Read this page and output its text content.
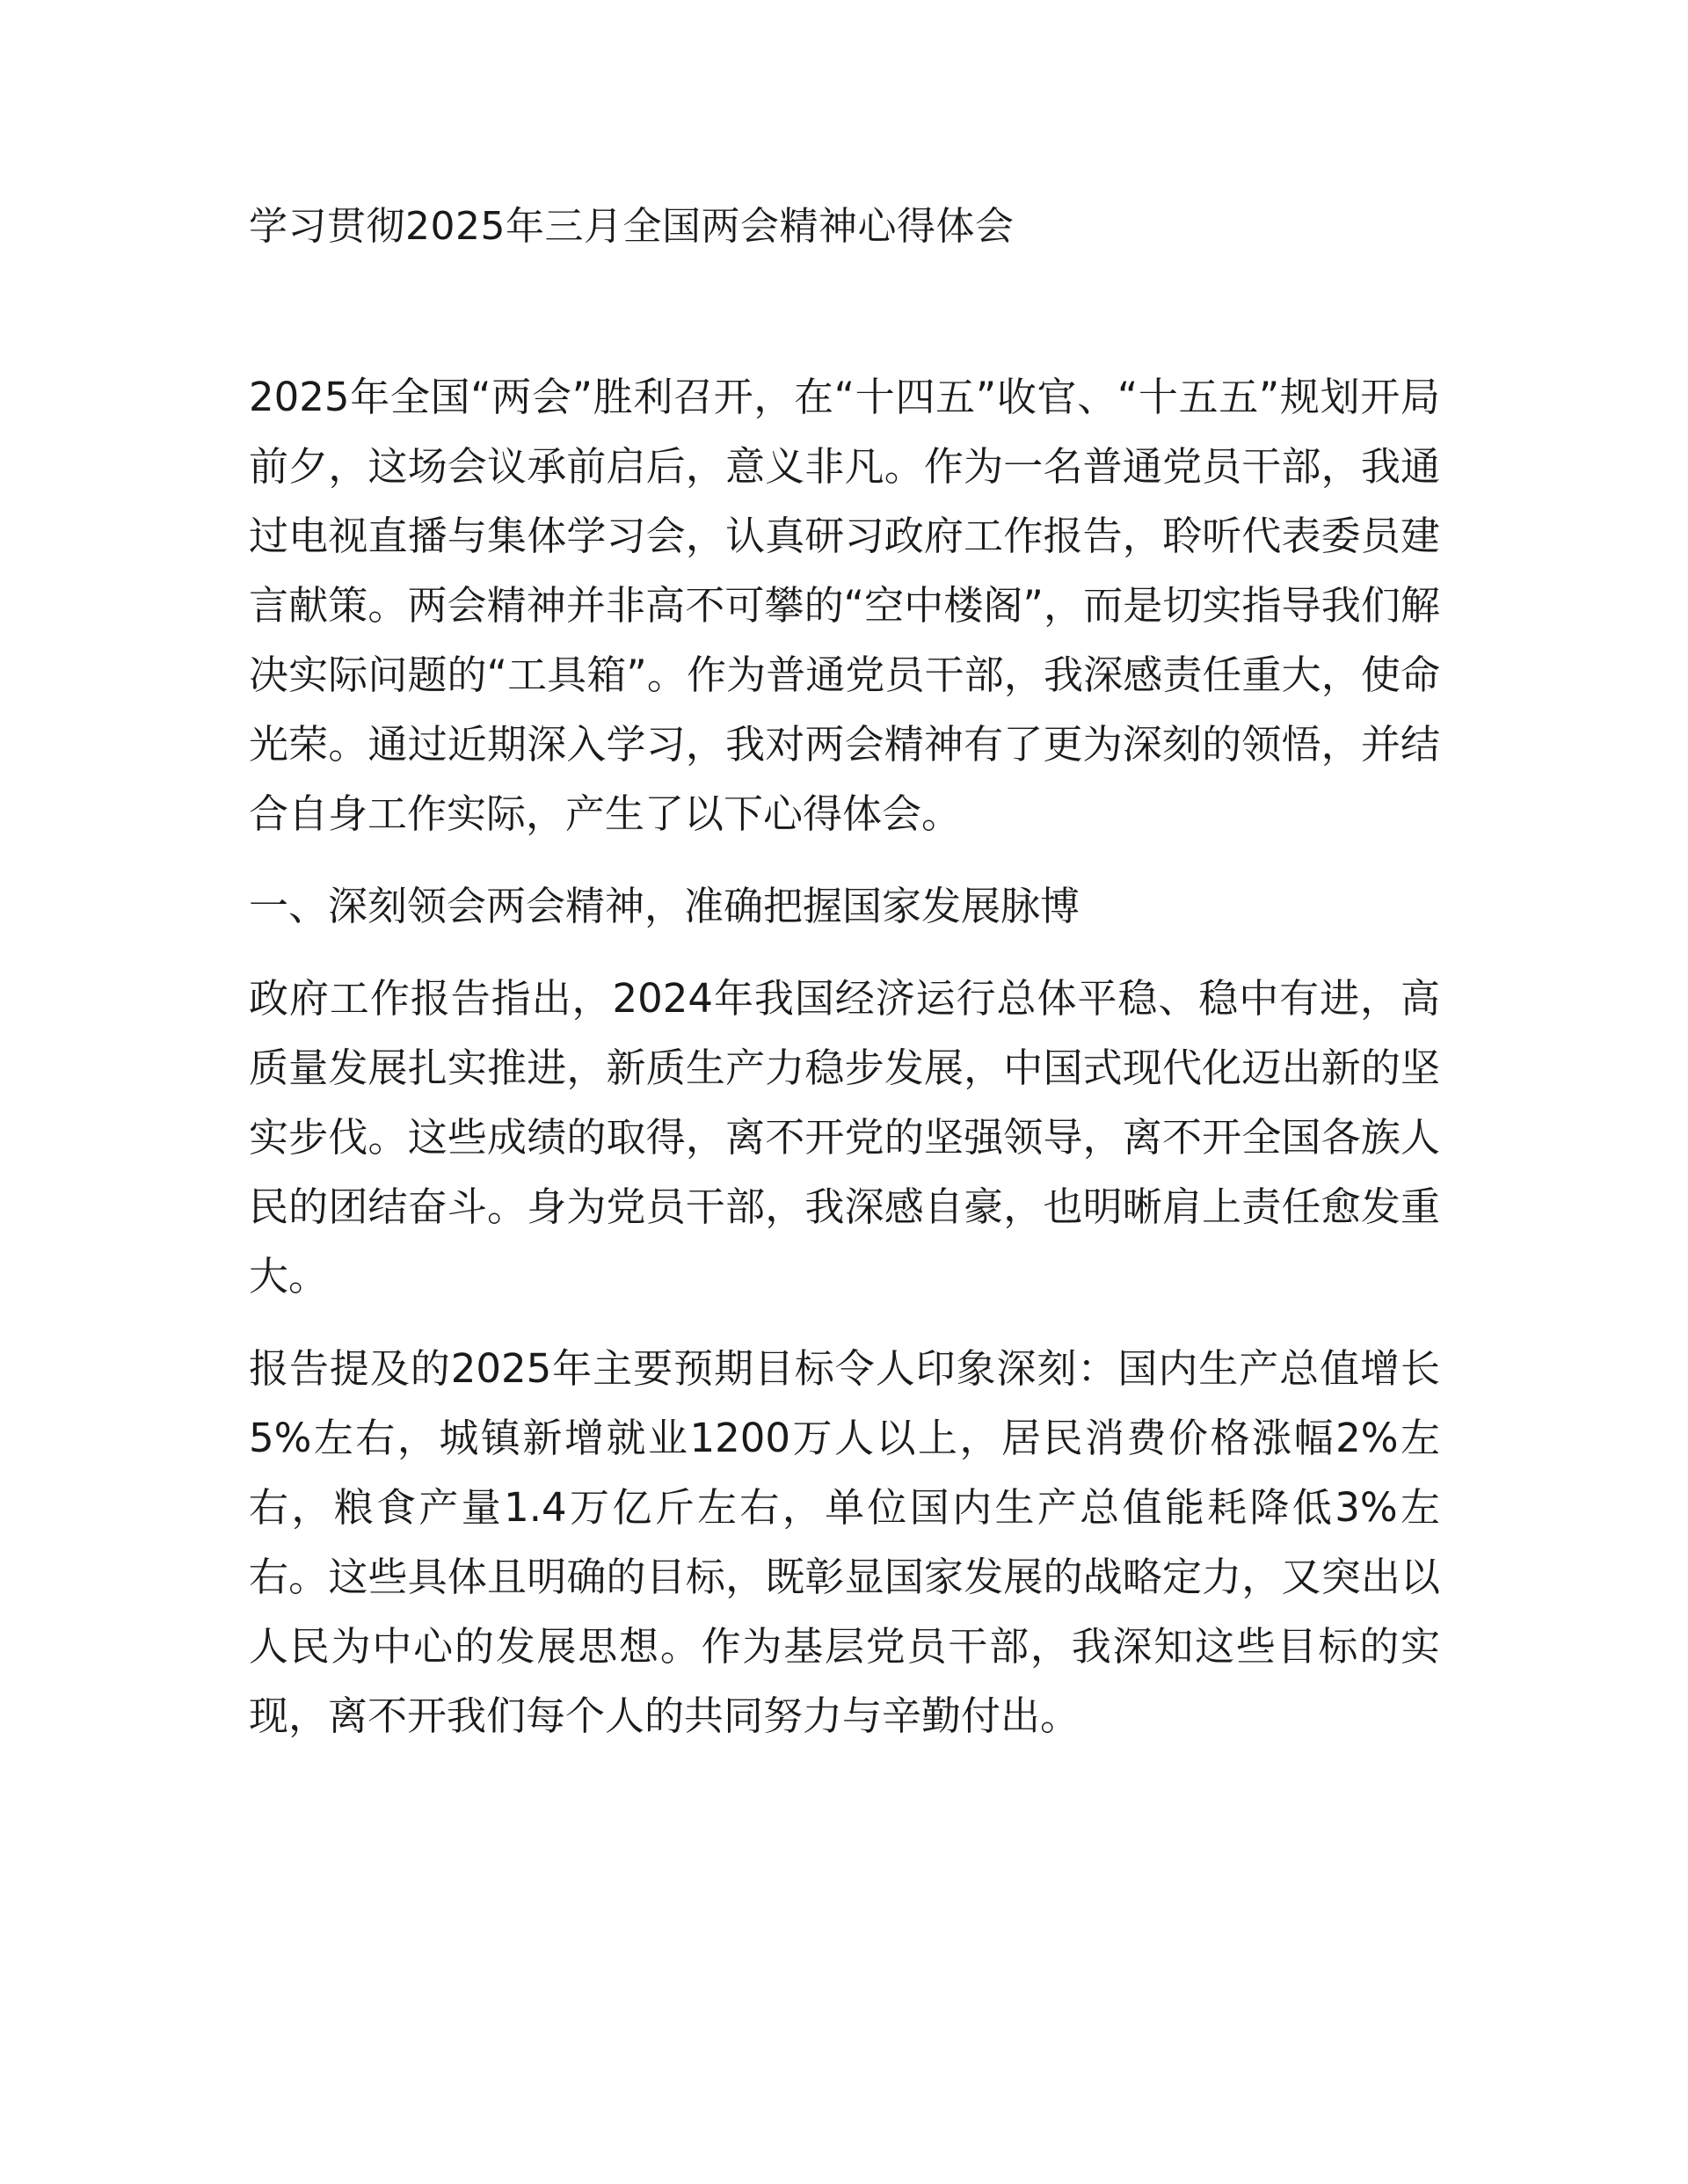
学习贯彻2025年三月全国两会精神心得体会

2025年全国“两会”胜利召开，在“十四五”收官、“十五五”规划开局前夕，这场会议承前启后，意义非凡。作为一名普通党员干部，我通过电视直播与集体学习会，认真研习政府工作报告，聆听代表委员建言献策。两会精神并非高不可攀的“空中楼阁”，而是切实指导我们解决实际问题的“工具箱”。作为普通党员干部，我深感责任重大，使命光荣。通过近期深入学习，我对两会精神有了更为深刻的领悟，并结合自身工作实际，产生了以下心得体会。

一、深刻领会两会精神，准确把握国家发展脉博

政府工作报告指出，2024年我国经济运行总体平稳、稳中有进，高质量发展扎实推进，新质生产力稳步发展，中国式现代化迈出新的坚实步伐。这些成绩的取得，离不开党的坚强领导，离不开全国各族人民的团结奋斗。身为党员干部，我深感自豪，也明晰肩上责任愈发重大。

报告提及的2025年主要预期目标令人印象深刻：国内生产总值增长5%左右，城镇新增就业1200万人以上，居民消费价格涨幅2%左右，粮食产量1.4万亿斤左右，单位国内生产总值能耗降低3%左右。这些具体且明确的目标，既彰显国家发展的战略定力，又突出以人民为中心的发展思想。作为基层党员干部，我深知这些目标的实现，离不开我们每个人的共同努力与辛勤付出。
